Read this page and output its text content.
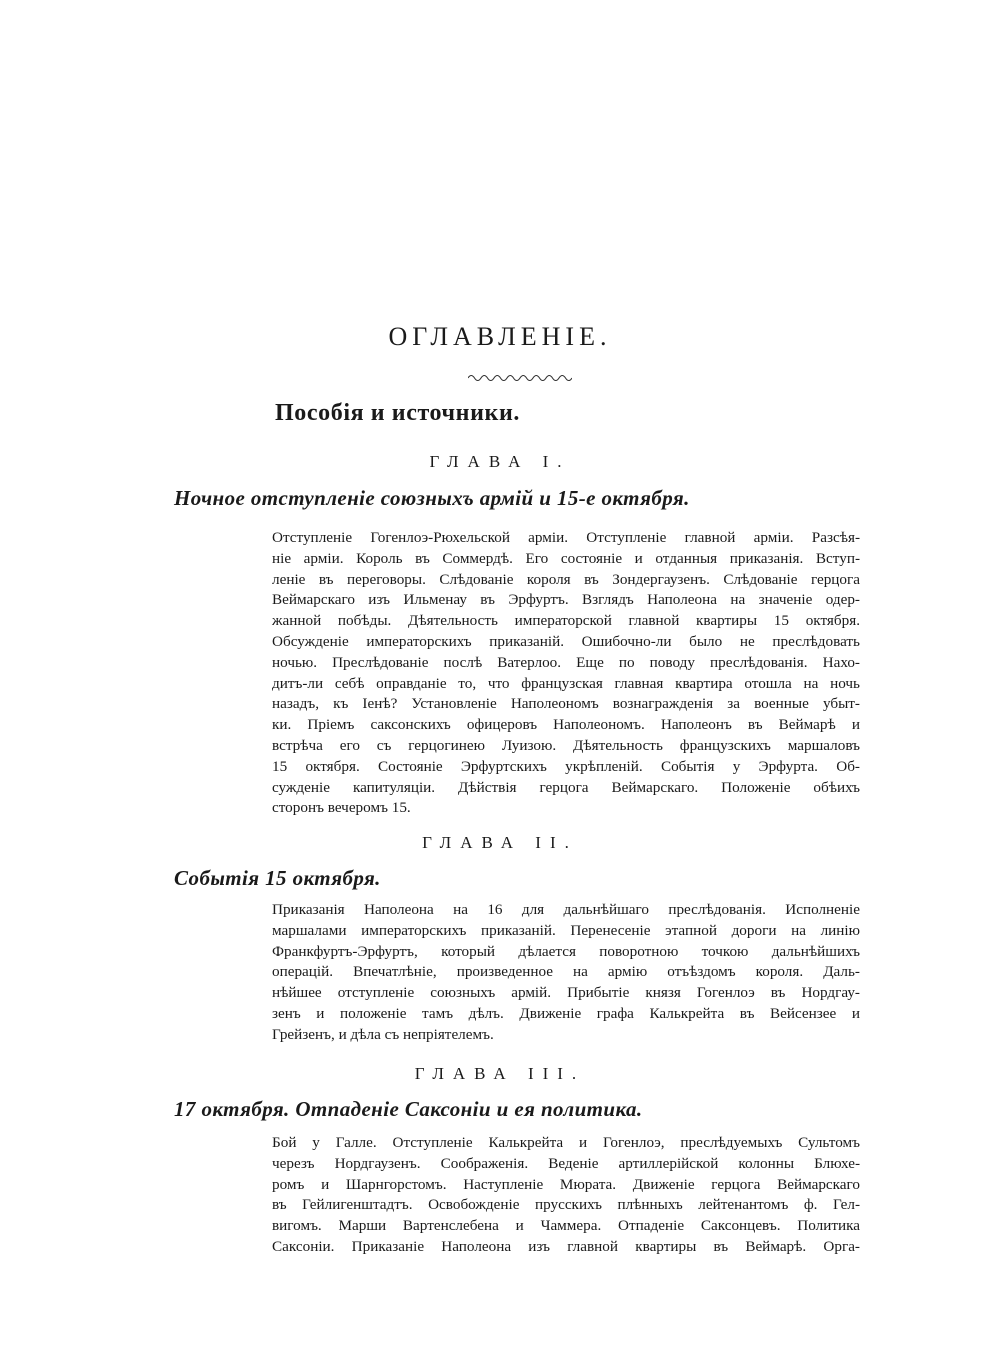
ОГЛАВЛЕНІЕ.
Пособія и источники.
ГЛАВА I.
Ночное отступленіе союзныхъ армій и 15-е октября.
Отступленіе Гогенлоэ-Рюхельской арміи. Отступленіе главной арміи. Разсѣя-
ніе арміи. Король въ Соммердѣ. Его состояніе и отданныя приказанія. Вступ-
леніе въ переговоры. Слѣдованіе короля въ Зондергаузенъ. Слѣдованіе герцога
Веймарскаго изъ Ильменау въ Эрфуртъ. Взглядъ Наполеона на значеніе одер-
жанной побѣды. Дѣятельность императорской главной квартиры 15 октября.
Обсужденіе императорскихъ приказаній. Ошибочно-ли было не преслѣдовать
ночью. Преслѣдованіе послѣ Ватерлоо. Еще по поводу преслѣдованія. Нахо-
дитъ-ли себѣ оправданіе то, что французская главная квартира отошла на ночь
назадъ, къ Іенѣ? Установленіе Наполеономъ вознагражденія за военные убыт-
ки. Пріемъ саксонскихъ офицеровъ Наполеономъ. Наполеонъ въ Веймарѣ и
встрѣча его съ герцогинею Луизою. Дѣятельность французскихъ маршаловъ
15 октября. Состояніе Эрфуртскихъ укрѣпленій. Событія у Эрфурта. Об-
сужденіе капитуляціи. Дѣйствія герцога Веймарскаго. Положеніе обѣихъ
сторонъ вечеромъ 15.
ГЛАВА II.
Событія 15 октября.
Приказанія Наполеона на 16 для дальнѣйшаго преслѣдованія. Исполненіе
маршалами императорскихъ приказаній. Перенесеніе этапной дороги на линію
Франкфуртъ-Эрфуртъ, который дѣлается поворотною точкою дальнѣйшихъ
операцій. Впечатлѣніе, произведенное на армію отъѣздомъ короля. Даль-
нѣйшее отступленіе союзныхъ армій. Прибытіе князя Гогенлоэ въ Нордгау-
зенъ и положеніе тамъ дѣлъ. Движеніе графа Калькрейта въ Вейсензее и
Грейзенъ, и дѣла съ непріятелемъ.
ГЛАВА III.
17 октября. Отпаденіе Саксоніи и ея политика.
Бой у Галле. Отступленіе Калькрейта и Гогенлоэ, преслѣдуемыхъ Сультомъ
черезъ Нордгаузенъ. Соображенія. Веденіе артиллерійской колонны Блюхе-
ромъ и Шарнгорстомъ. Наступленіе Мюрата. Движеніе герцога Веймарскаго
въ Гейлигенштадтъ. Освобожденіе прусскихъ плѣнныхъ лейтенантомъ ф. Гел-
вигомъ. Марши Вартенслебена и Чаммера. Отпаденіе Саксонцевъ. Политика
Саксоніи. Приказаніе Наполеона изъ главной квартиры въ Веймарѣ. Орга-
